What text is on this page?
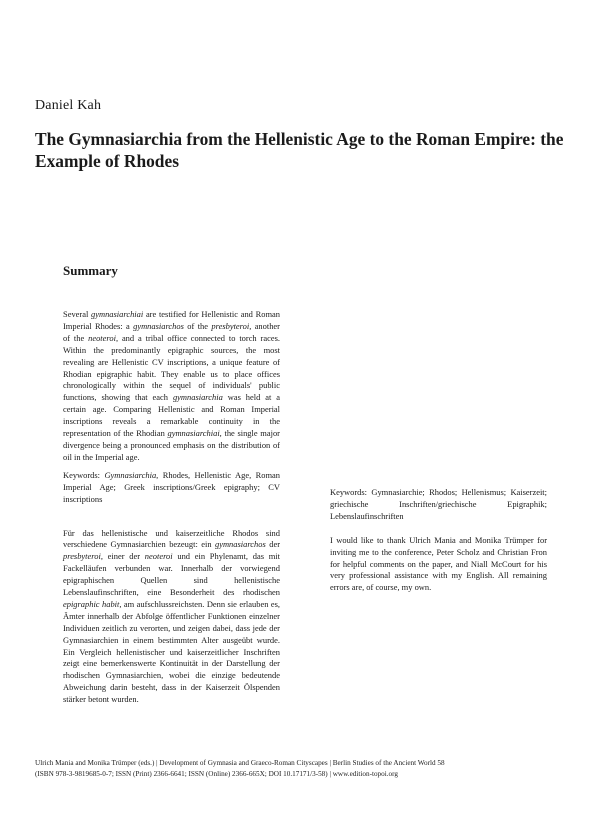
Daniel Kah
The Gymnasiarchia from the Hellenistic Age to the Roman Empire: the Example of Rhodes
Summary

Several gymnasiarchiai are testified for Hellenistic and Roman Imperial Rhodes: a gymnasiarchos of the presbyteroi, another of the neoteroi, and a tribal office connected to torch races. Within the predominantly epigraphic sources, the most revealing are Hellenistic CV inscriptions, a unique feature of Rhodian epigraphic habit. They enable us to place offices chronologically within the sequel of individuals' public functions, showing that each gymnasiarchia was held at a certain age. Comparing Hellenistic and Roman Imperial inscriptions reveals a remarkable continuity in the representation of the Rhodian gymnasiarchiai, the single major divergence being a pronounced emphasis on the distribution of oil in the Imperial age.

Keywords: Gymnasiarchia, Rhodes, Hellenistic Age, Roman Imperial Age; Greek inscriptions/Greek epigraphy; CV inscriptions

Für das hellenistische und kaiserzeitliche Rhodos sind verschiedene Gymnasiarchien bezeugt: ein gymnasiarchos der presbyteroi, einer der neoteroi und ein Phylenamt, das mit Fackelläufen verbunden war. Innerhalb der vorwiegend epigraphischen Quellen sind hellenistische Lebenslaufinschriften, eine Besonderheit des rhodischen epigraphic habit, am aufschlussreichsten. Denn sie erlauben es, Ämter innerhalb der Abfolge öffentlicher Funktionen einzelner Individuen zeitlich zu verorten, und zeigen dabei, dass jede der Gymnasiarchien in einem bestimmten Alter ausgeübt wurde. Ein Vergleich hellenistischer und kaiserzeitlicher Inschriften zeigt eine bemerkenswerte Kontinuität in der Darstellung der rhodischen Gymnasiarchien, wobei die einzige bedeutende Abweichung darin besteht, dass in der Kaiserzeit Ölspenden stärker betont wurden.

Keywords: Gymnasiarchie; Rhodos; Hellenismus; Kaiserzeit; griechische Inschriften/griechische Epigraphik; Lebenslaufinschriften

I would like to thank Ulrich Mania and Monika Trümper for inviting me to the conference, Peter Scholz and Christian Fron for helpful comments on the paper, and Niall McCourt for his very professional assistance with my English. All remaining errors are, of course, my own.

Ulrich Mania and Monika Trümper (eds.) | Development of Gymnasia and Graeco-Roman Cityscapes | Berlin Studies of the Ancient World 58
(ISBN 978-3-9819685-0-7; ISSN (Print) 2366-6641; ISSN (Online) 2366-665X; DOI 10.17171/3-58) | www.edition-topoi.org
